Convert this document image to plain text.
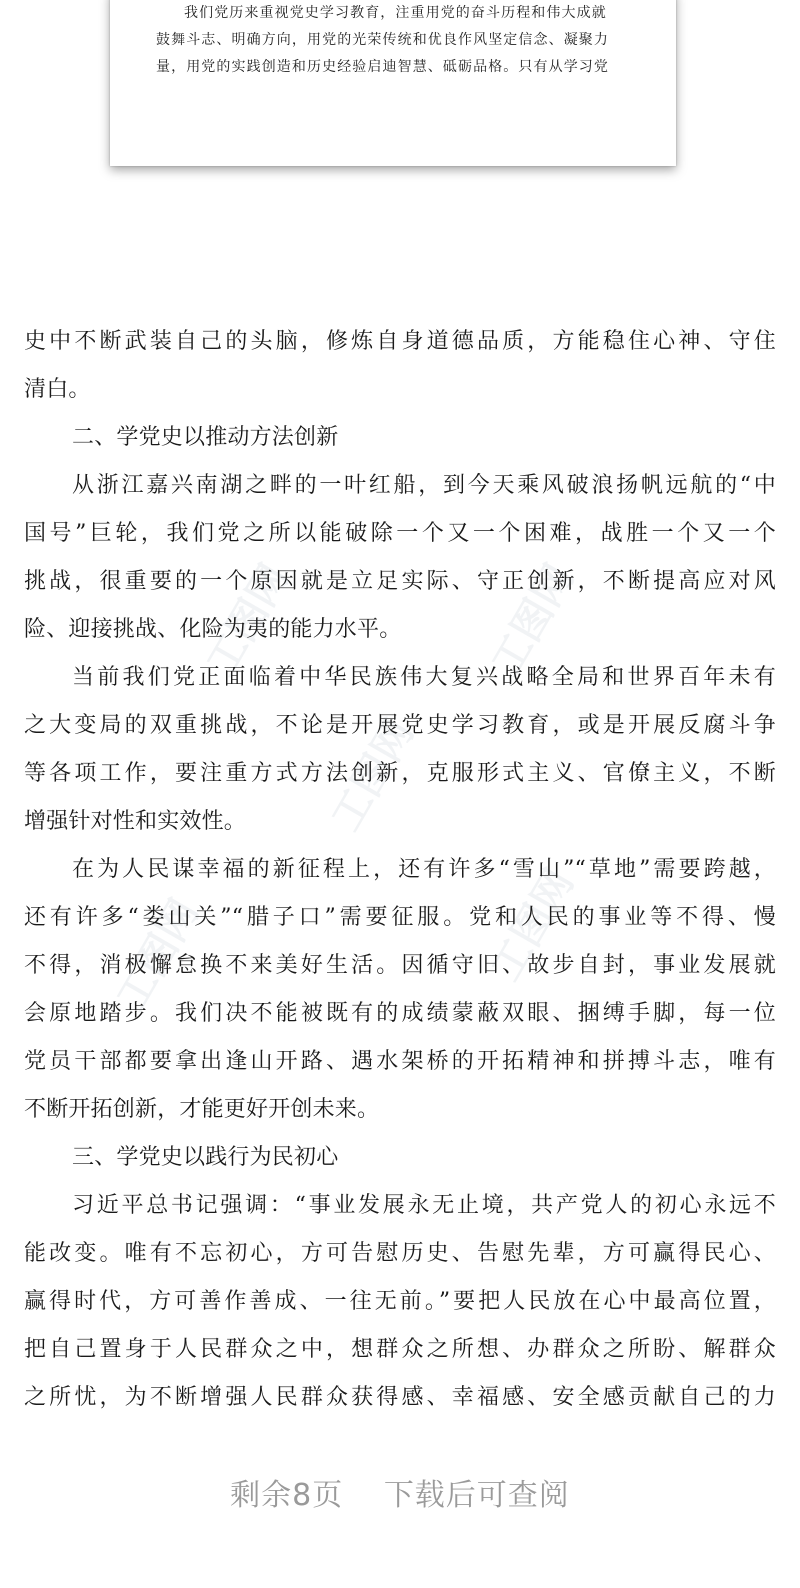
我们党历来重视党史学习教育，注重用党的奋斗历程和伟大成就

鼓舞斗志、明确方向，用党的光荣传统和优良作风坚定信念、凝聚力

量，用党的实践创造和历史经验启迪智慧、砥砺品格。只有从学习党

工图网	工图网
工图网
工图网	工图网

史中不断武装自己的头脑，修炼自身道德品质，方能稳住心神、守住

清白。

二、学党史以推动方法创新

从浙江嘉兴南湖之畔的一叶红船，到今天乘风破浪扬帆远航的“中

国号”巨轮，我们党之所以能破除一个又一个困难，战胜一个又一个

挑战，很重要的一个原因就是立足实际、守正创新，不断提高应对风

险、迎接挑战、化险为夷的能力水平。

当前我们党正面临着中华民族伟大复兴战略全局和世界百年未有

之大变局的双重挑战，不论是开展党史学习教育，或是开展反腐斗争

等各项工作，要注重方式方法创新，克服形式主义、官僚主义，不断

增强针对性和实效性。

在为人民谋幸福的新征程上，还有许多“雪山”“草地”需要跨越，

还有许多“娄山关”“腊子口”需要征服。党和人民的事业等不得、慢

不得，消极懈怠换不来美好生活。因循守旧、故步自封，事业发展就

会原地踏步。我们决不能被既有的成绩蒙蔽双眼、捆缚手脚，每一位

党员干部都要拿出逢山开路、遇水架桥的开拓精神和拼搏斗志，唯有

不断开拓创新，才能更好开创未来。

三、学党史以践行为民初心

习近平总书记强调：“事业发展永无止境，共产党人的初心永远不

能改变。唯有不忘初心，方可告慰历史、告慰先辈，方可赢得民心、

赢得时代，方可善作善成、一往无前。”要把人民放在心中最高位置，

把自己置身于人民群众之中，想群众之所想、办群众之所盼、解群众

之所忧，为不断增强人民群众获得感、幸福感、安全感贡献自己的力

剩余8页 下载后可查阅
